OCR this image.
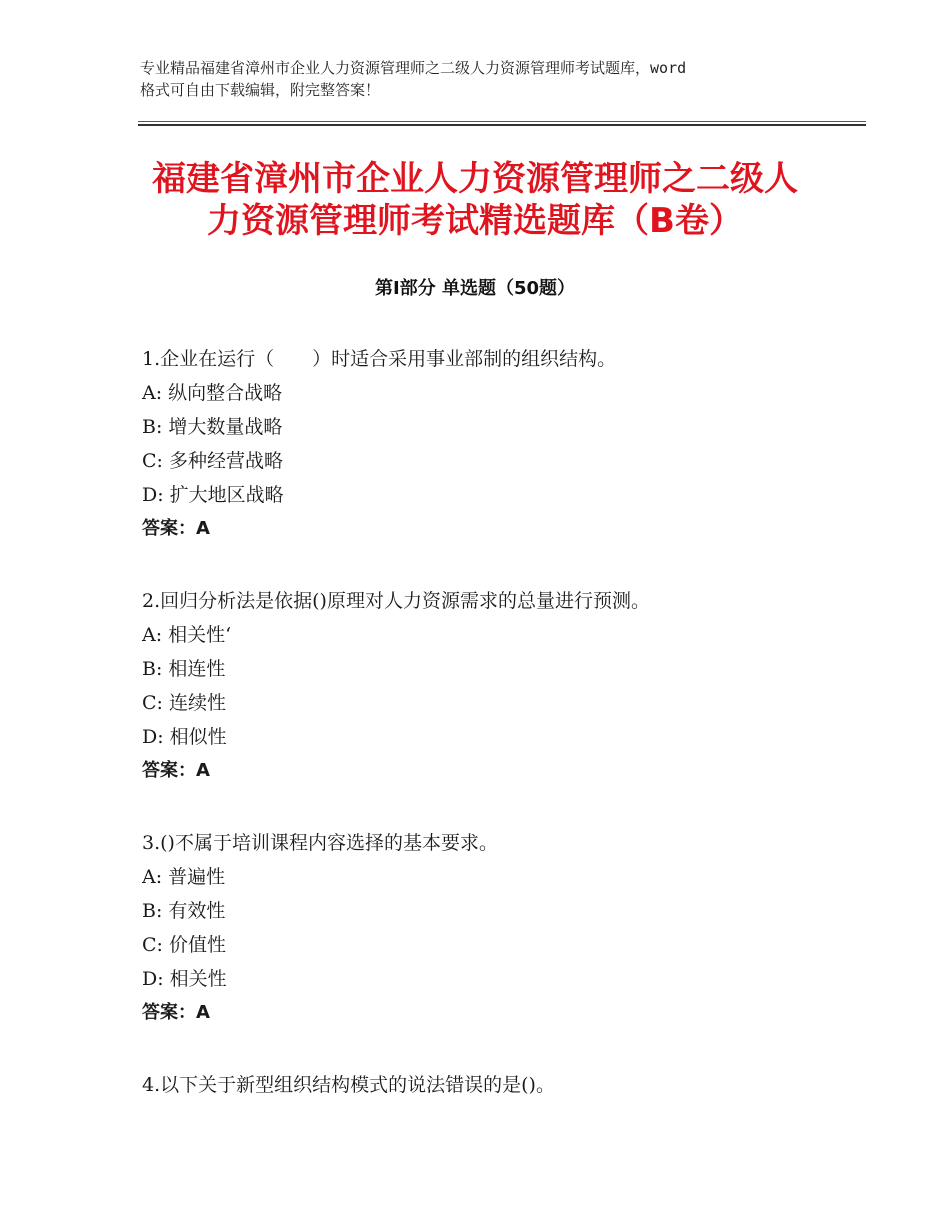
专业精品福建省漳州市企业人力资源管理师之二级人力资源管理师考试题库，word
格式可自由下载编辑，附完整答案！
福建省漳州市企业人力资源管理师之二级人
力资源管理师考试精选题库（B卷）
第Ⅰ部分 单选题（50题）
1.企业在运行（　　）时适合采用事业部制的组织结构。
A: 纵向整合战略
B: 增大数量战略
C: 多种经营战略
D: 扩大地区战略
答案：A
2.回归分析法是依据()原理对人力资源需求的总量进行预测。
A: 相关性‘
B: 相连性
C: 连续性
D: 相似性
答案：A
3.()不属于培训课程内容选择的基本要求。
A: 普遍性
B: 有效性
C: 价值性
D: 相关性
答案：A
4.以下关于新型组织结构模式的说法错误的是()。
